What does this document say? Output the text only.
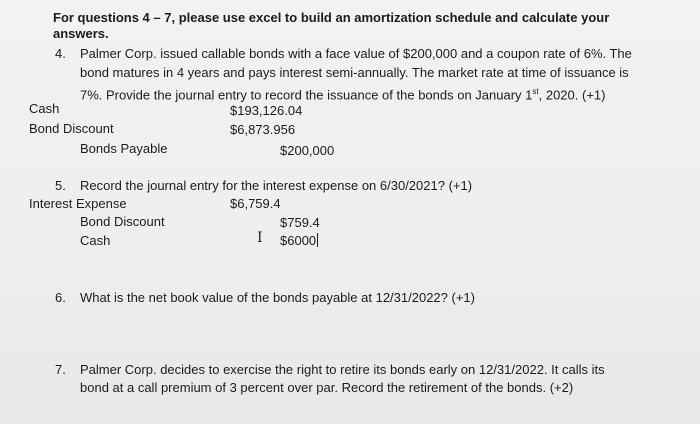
For questions 4 – 7, please use excel to build an amortization schedule and calculate your
answers.
4. Palmer Corp. issued callable bonds with a face value of $200,000 and a coupon rate of 6%. The
bond matures in 4 years and pays interest semi-annually. The market rate at time of issuance is
7%. Provide the journal entry to record the issuance of the bonds on January 1st, 2020. (+1)
Cash	$193,126.04
Bond Discount	$6,873.956
Bonds Payable	$200,000
5. Record the journal entry for the interest expense on 6/30/2021? (+1)
Interest Expense	$6,759.4
Bond Discount	$759.4
Cash	I $6000
6. What is the net book value of the bonds payable at 12/31/2022? (+1)
7. Palmer Corp. decides to exercise the right to retire its bonds early on 12/31/2022. It calls its
bond at a call premium of 3 percent over par. Record the retirement of the bonds. (+2)
